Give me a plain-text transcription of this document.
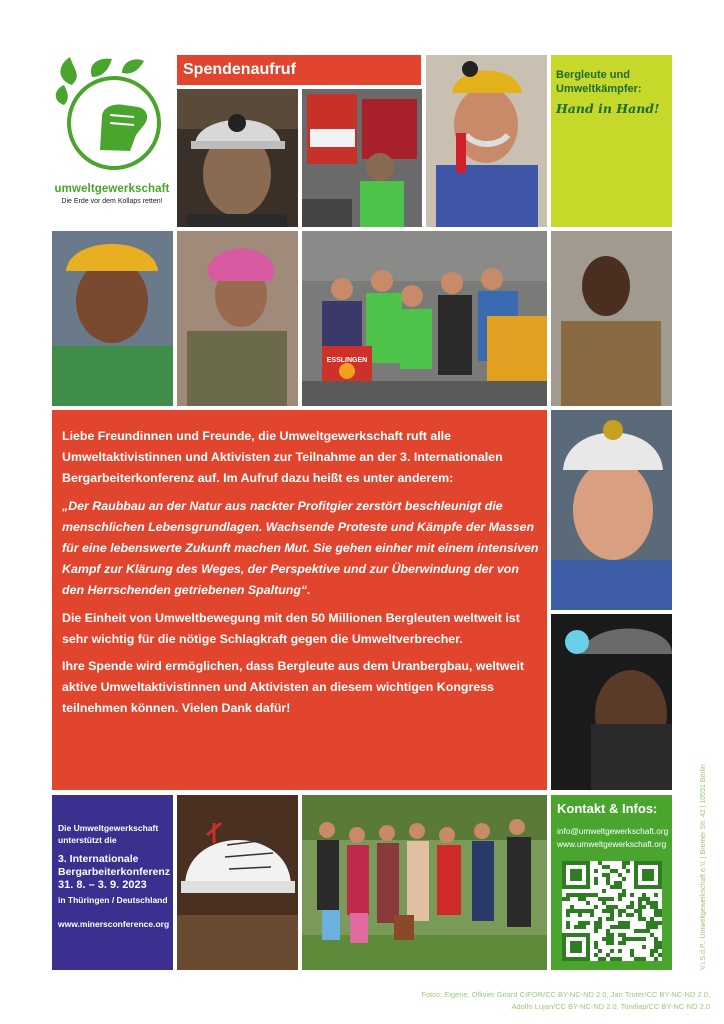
umweltgewerkschaft
Die Erde vor dem Kollaps retten!
Spendenaufruf	Bergleute und
Umweltkämpfer:
Hand in Hand!
ESSLINGEN

Liebe Freundinnen und Freunde, die Umweltgewerkschaft ruft alle Umweltaktivistinnen und Aktivisten zur Teilnahme an der 3. Internationalen Bergarbeiterkonferenz auf. Im Aufruf dazu heißt es unter anderem:

„Der Raubbau an der Natur aus nackter Profitgier zerstört beschleunigt die menschlichen Lebensgrundlagen. Wachsende Proteste und Kämpfe der Massen für eine lebenswerte Zukunft machen Mut. Sie gehen einher mit einem intensiven Kampf zur Klärung des Weges, der Perspektive und zur Überwindung der von den Herrschenden getriebenen Spaltung“.

Die Einheit von Umweltbewegung mit den 50 Millionen Bergleuten weltweit ist sehr wichtig für die nötige Schlagkraft gegen die Umweltverbrecher.

Ihre Spende wird ermöglichen, dass Bergleute aus dem Uranbergbau, weltweit aktive Umweltaktivistinnen und Aktivisten an diesem wichtigen Kongress teilnehmen können. Vielen Dank dafür!

Die Umweltgewerkschaft
unterstützt die
3. Internationale
Bergarbeiterkonferenz
31. 8. – 3. 9. 2023
in Thüringen / Deutschland
www.minersconference.org
Kontakt & Infos:
info@umweltgewerkschaft.org
www.umweltgewerkschaft.org	V.i.S.d.P.: Umweltgewerkschaft e.V. | Bremer Str. 42 | 10551 Berlin
Fotos: Eigene, Ollivier Girard CIFOR/CC BY-NC-ND 2.0, Jan Truter/CC BY-NC-ND 2.0,
Adolfo Lujan/CC BY-NC-ND 2.0, Tonifiap/CC BY-NC-ND 2.0
